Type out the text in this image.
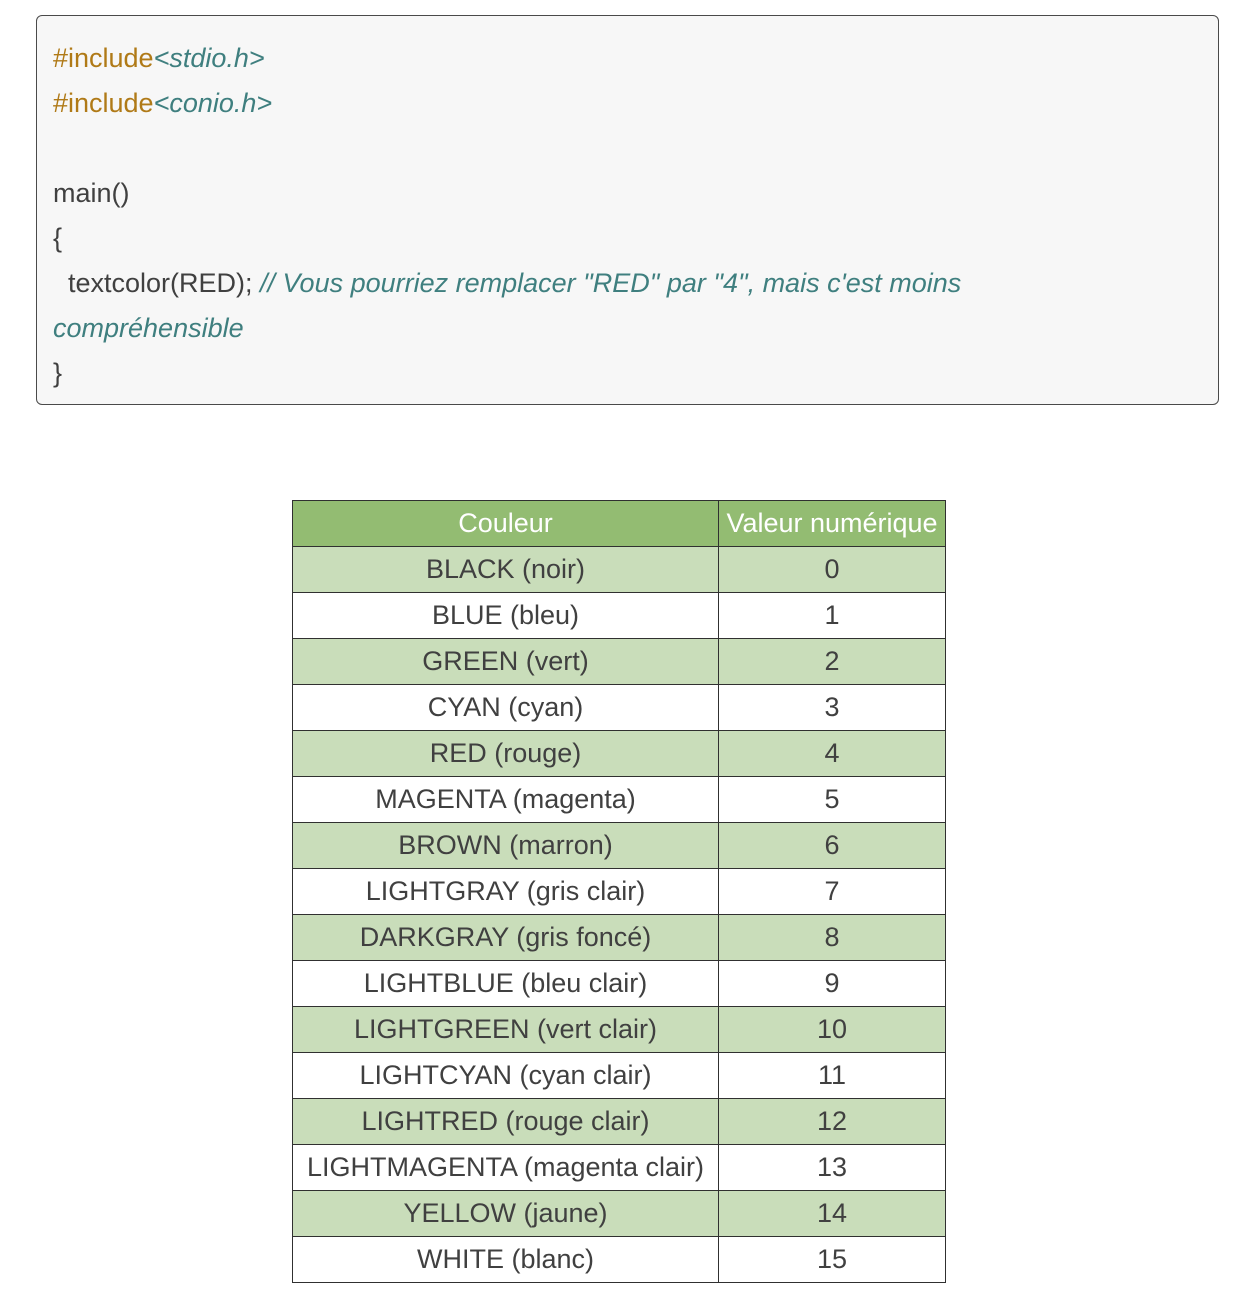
#include<stdio.h>
#include<conio.h>
main()
{
textcolor(RED); // Vous pourriez remplacer "RED" par "4", mais c'est moins
compréhensible
}
Couleur	Valeur numérique
BLACK (noir)	0
BLUE (bleu)	1
GREEN (vert)	2
CYAN (cyan)	3
RED (rouge)	4
MAGENTA (magenta)	5
BROWN (marron)	6
LIGHTGRAY (gris clair)	7
DARKGRAY (gris foncé)	8
LIGHTBLUE (bleu clair)	9
LIGHTGREEN (vert clair)	10
LIGHTCYAN (cyan clair)	11
LIGHTRED (rouge clair)	12
LIGHTMAGENTA (magenta clair)	13
YELLOW (jaune)	14
WHITE (blanc)	15
